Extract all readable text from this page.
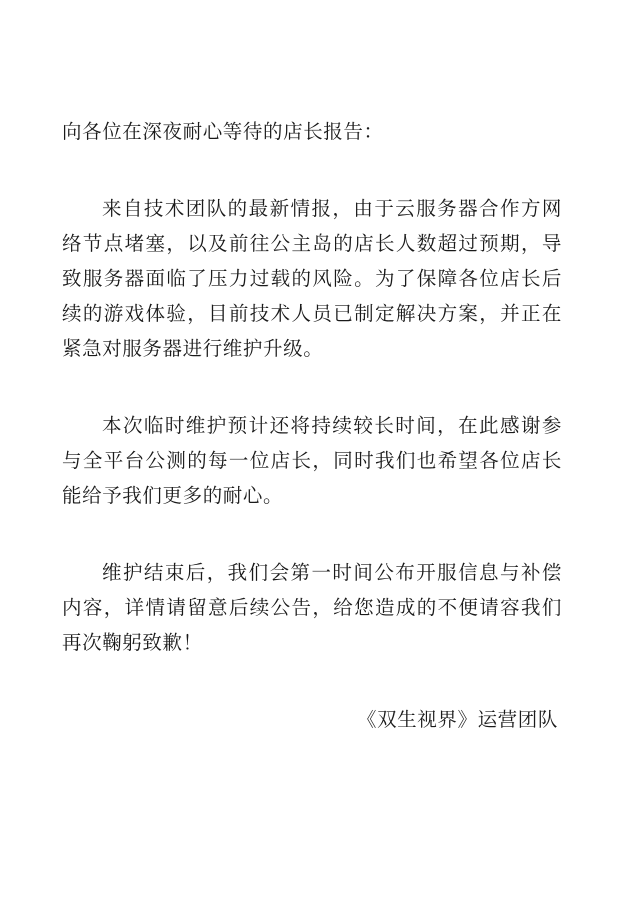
向各位在深夜耐心等待的店长报告：

来自技术团队的最新情报，由于云服务器合作方网络节点堵塞，以及前往公主岛的店长人数超过预期，导致服务器面临了压力过载的风险。为了保障各位店长后续的游戏体验，目前技术人员已制定解决方案，并正在紧急对服务器进行维护升级。

本次临时维护预计还将持续较长时间，在此感谢参与全平台公测的每一位店长，同时我们也希望各位店长能给予我们更多的耐心。

维护结束后，我们会第一时间公布开服信息与补偿内容，详情请留意后续公告，给您造成的不便请容我们再次鞠躬致歉！

《双生视界》运营团队
